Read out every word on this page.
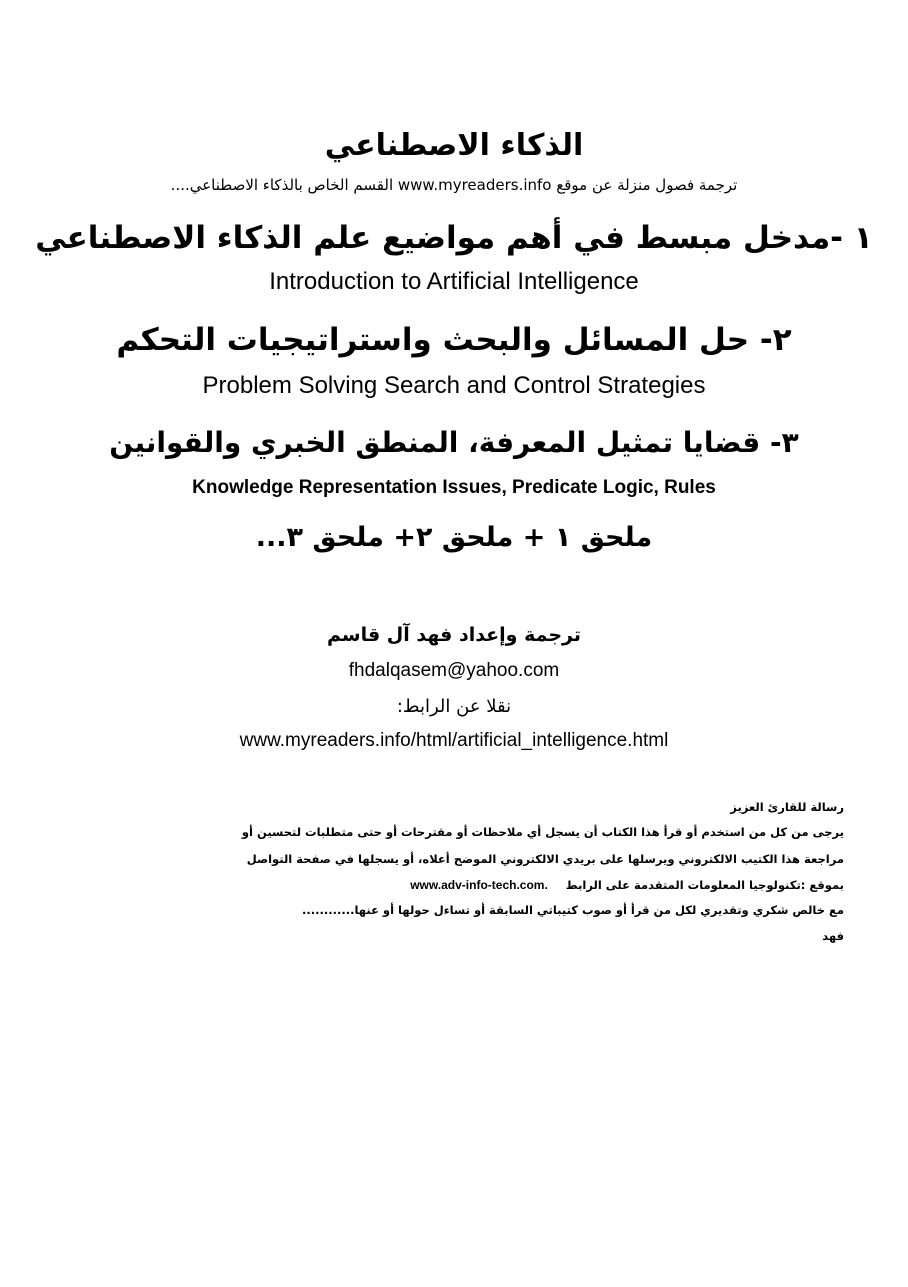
الذكاء الاصطناعي
ترجمة فصول منزلة عن موقع www.myreaders.info القسم الخاص بالذكاء الاصطناعي....
١ -مدخل مبسط في أهم مواضيع علم الذكاء الاصطناعي
Introduction to Artificial Intelligence
٢- حل المسائل والبحث واستراتيجيات التحكم
Problem Solving Search and Control Strategies
٣- قضايا تمثيل المعرفة، المنطق الخبري والقوانين
Knowledge Representation Issues, Predicate Logic, Rules
ملحق ١ + ملحق ٢+ ملحق ٣...
ترجمة وإعداد فهد آل قاسم
fhdalqasem@yahoo.com
نقلا عن الرابط:
www.myreaders.info/html/artificial_intelligence.html
رسالة للقارئ العزيز
يرجى من كل من استخدم أو قرأ هذا الكتاب أن يسجل أي ملاحظات أو مقترحات أو حتى متطلبات لتحسين أو
مراجعة هذا الكتيب الالكتروني ويرسلها على بريدي الالكتروني الموضح أعلاه، أو يسجلها في صفحة التواصل
بموقع :تكنولوجيا المعلومات المتقدمة على الرابطwww.adv-info-tech.com.
مع خالص شكري وتقديري لكل من قرأ أو صوب كتيباتي السابقة أو تساءل حولها أو عنها............
فهد
